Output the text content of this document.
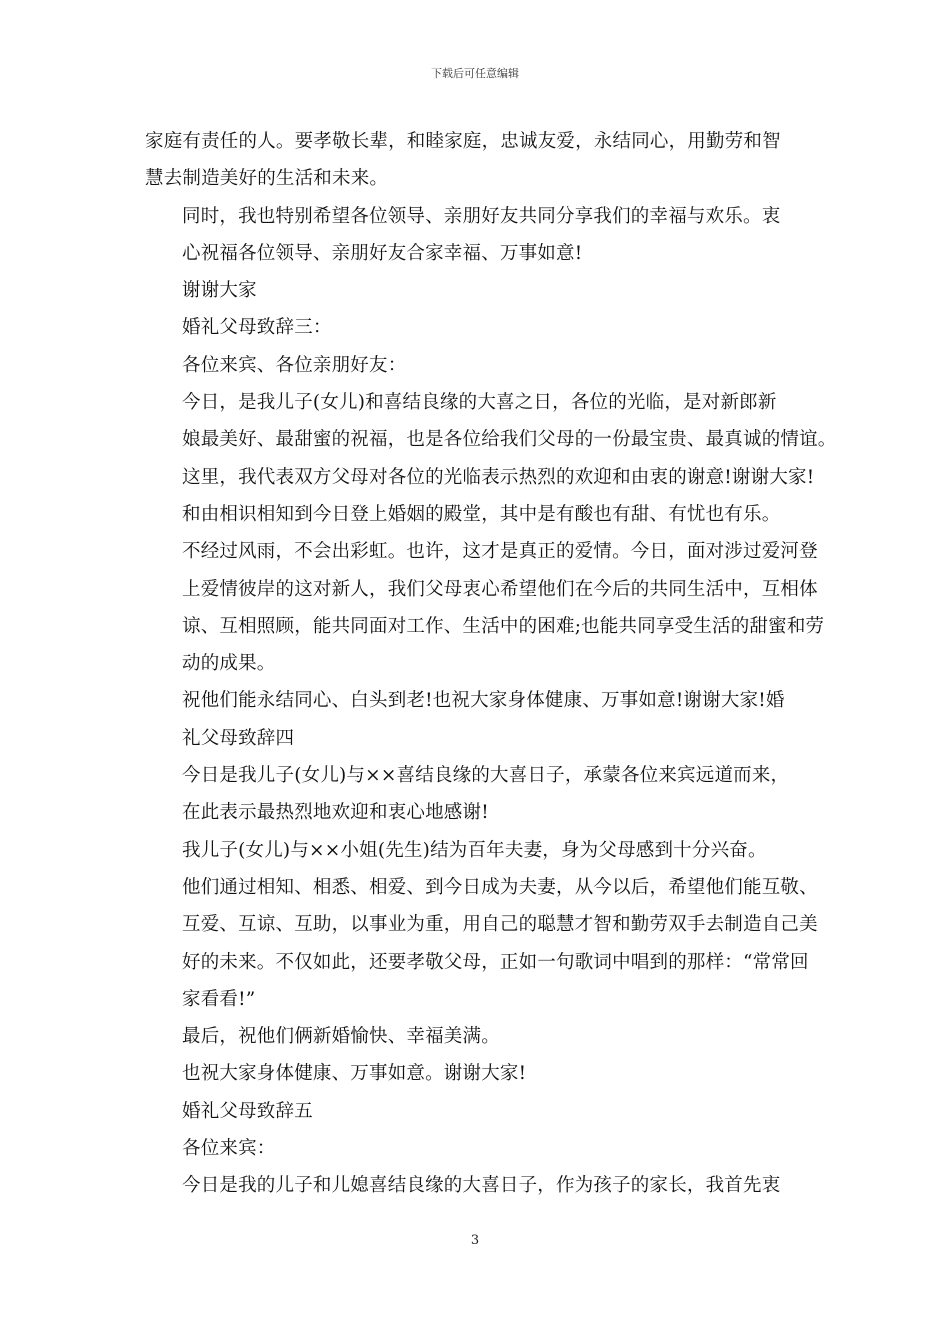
下载后可任意编辑

家庭有责任的人。要孝敬长辈，和睦家庭，忠诚友爱，永结同心，用勤劳和智
慧去制造美好的生活和未来。

同时，我也特别希望各位领导、亲朋好友共同分享我们的幸福与欢乐。衷
心祝福各位领导、亲朋好友合家幸福、万事如意!

谢谢大家

婚礼父母致辞三：

各位来宾、各位亲朋好友：

今日，是我儿子(女儿)和喜结良缘的大喜之日，各位的光临，是对新郎新
娘最美好、最甜蜜的祝福，也是各位给我们父母的一份最宝贵、最真诚的情谊。
这里，我代表双方父母对各位的光临表示热烈的欢迎和由衷的谢意!谢谢大家!

和由相识相知到今日登上婚姻的殿堂，其中是有酸也有甜、有忧也有乐。
不经过风雨，不会出彩虹。也许，这才是真正的爱情。今日，面对涉过爱河登
上爱情彼岸的这对新人，我们父母衷心希望他们在今后的共同生活中，互相体
谅、互相照顾，能共同面对工作、生活中的困难;也能共同享受生活的甜蜜和劳
动的成果。

祝他们能永结同心、白头到老!也祝大家身体健康、万事如意!谢谢大家!婚
礼父母致辞四

今日是我儿子(女儿)与××喜结良缘的大喜日子，承蒙各位来宾远道而来，
在此表示最热烈地欢迎和衷心地感谢!

我儿子(女儿)与××小姐(先生)结为百年夫妻，身为父母感到十分兴奋。
他们通过相知、相悉、相爱、到今日成为夫妻，从今以后，希望他们能互敬、
互爱、互谅、互助，以事业为重，用自己的聪慧才智和勤劳双手去制造自己美
好的未来。不仅如此，还要孝敬父母，正如一句歌词中唱到的那样：“常常回
家看看!”

最后，祝他们俩新婚愉快、幸福美满。

也祝大家身体健康、万事如意。谢谢大家!

婚礼父母致辞五

各位来宾：

今日是我的儿子和儿媳喜结良缘的大喜日子，作为孩子的家长，我首先衷

3
